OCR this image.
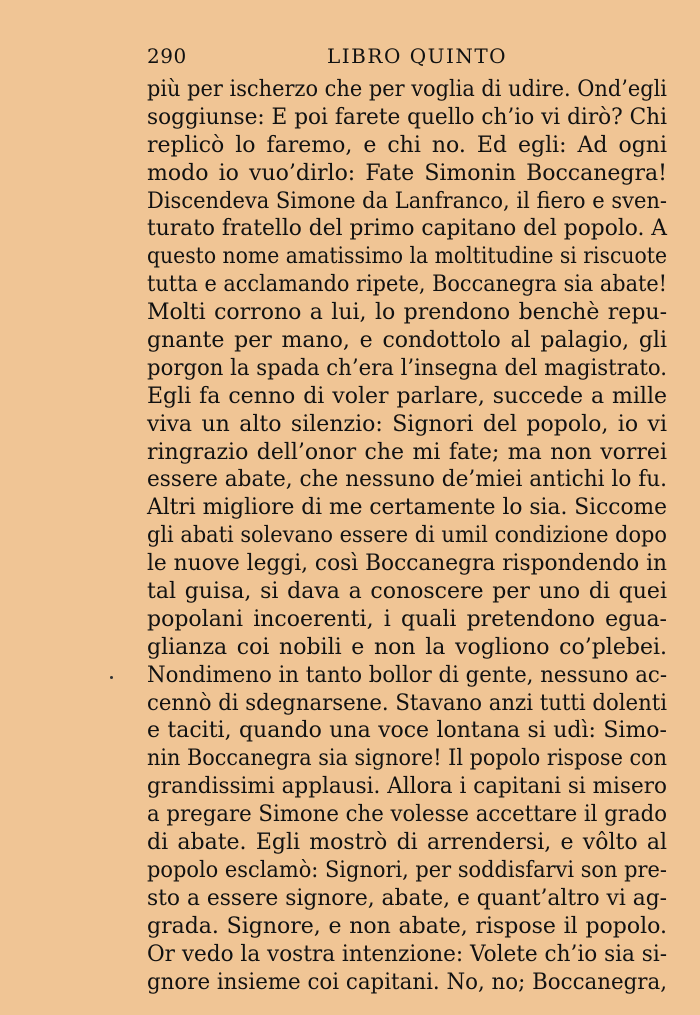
290	LIBRO QUINTO
più per ischerzo che per voglia di udire. Ond’egli
soggiunse: E poi farete quello ch’io vi dirò? Chi
replicò lo faremo, e chi no. Ed egli: Ad ogni
modo io vuo’dirlo: Fate Simonin Boccanegra!
Discendeva Simone da Lanfranco, il fiero e sven-
turato fratello del primo capitano del popolo. A
questo nome amatissimo la moltitudine si riscuote
tutta e acclamando ripete, Boccanegra sia abate!
Molti corrono a lui, lo prendono benchè repu-
gnante per mano, e condottolo al palagio, gli
porgon la spada ch’era l’insegna del magistrato.
Egli fa cenno di voler parlare, succede a mille
viva un alto silenzio: Signori del popolo, io vi
ringrazio dell’onor che mi fate; ma non vorrei
essere abate, che nessuno de’miei antichi lo fu.
Altri migliore di me certamente lo sia. Siccome
gli abati solevano essere di umil condizione dopo
le nuove leggi, così Boccanegra rispondendo in
tal guisa, si dava a conoscere per uno di quei
popolani incoerenti, i quali pretendono egua-
glianza coi nobili e non la vogliono co’plebei.
Nondimeno in tanto bollor di gente, nessuno ac-
cennò di sdegnarsene. Stavano anzi tutti dolenti
e taciti, quando una voce lontana si udì: Simo-
nin Boccanegra sia signore! Il popolo rispose con
grandissimi applausi. Allora i capitani si misero
a pregare Simone che volesse accettare il grado
di abate. Egli mostrò di arrendersi, e vôlto al
popolo esclamò: Signori, per soddisfarvi son pre-
sto a essere signore, abate, e quant’altro vi ag-
grada. Signore, e non abate, rispose il popolo.
Or vedo la vostra intenzione: Volete ch’io sia si-
gnore insieme coi capitani. No, no; Boccanegra,
